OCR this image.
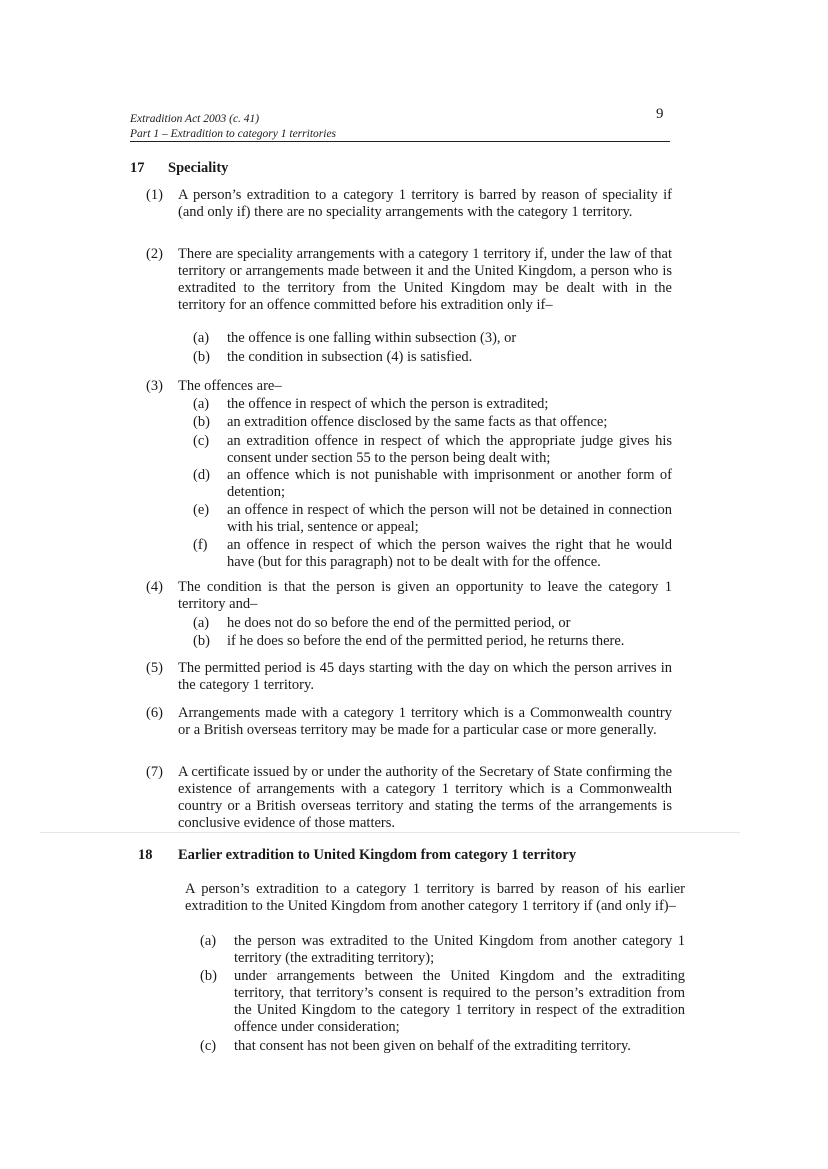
Extradition Act 2003 (c. 41)
Part 1 – Extradition to category 1 territories
9
17 Speciality
(1) A person’s extradition to a category 1 territory is barred by reason of speciality if (and only if) there are no speciality arrangements with the category 1 territory.
(2) There are speciality arrangements with a category 1 territory if, under the law of that territory or arrangements made between it and the United Kingdom, a person who is extradited to the territory from the United Kingdom may be dealt with in the territory for an offence committed before his extradition only if–
(a) the offence is one falling within subsection (3), or
(b) the condition in subsection (4) is satisfied.
(3) The offences are–
(a) the offence in respect of which the person is extradited;
(b) an extradition offence disclosed by the same facts as that offence;
(c) an extradition offence in respect of which the appropriate judge gives his consent under section 55 to the person being dealt with;
(d) an offence which is not punishable with imprisonment or another form of detention;
(e) an offence in respect of which the person will not be detained in connection with his trial, sentence or appeal;
(f) an offence in respect of which the person waives the right that he would have (but for this paragraph) not to be dealt with for the offence.
(4) The condition is that the person is given an opportunity to leave the category 1 territory and–
(a) he does not do so before the end of the permitted period, or
(b) if he does so before the end of the permitted period, he returns there.
(5) The permitted period is 45 days starting with the day on which the person arrives in the category 1 territory.
(6) Arrangements made with a category 1 territory which is a Commonwealth country or a British overseas territory may be made for a particular case or more generally.
(7) A certificate issued by or under the authority of the Secretary of State confirming the existence of arrangements with a category 1 territory which is a Commonwealth country or a British overseas territory and stating the terms of the arrangements is conclusive evidence of those matters.
18 Earlier extradition to United Kingdom from category 1 territory
A person’s extradition to a category 1 territory is barred by reason of his earlier extradition to the United Kingdom from another category 1 territory if (and only if)–
(a) the person was extradited to the United Kingdom from another category 1 territory (the extraditing territory);
(b) under arrangements between the United Kingdom and the extraditing territory, that territory’s consent is required to the person’s extradition from the United Kingdom to the category 1 territory in respect of the extradition offence under consideration;
(c) that consent has not been given on behalf of the extraditing territory.
